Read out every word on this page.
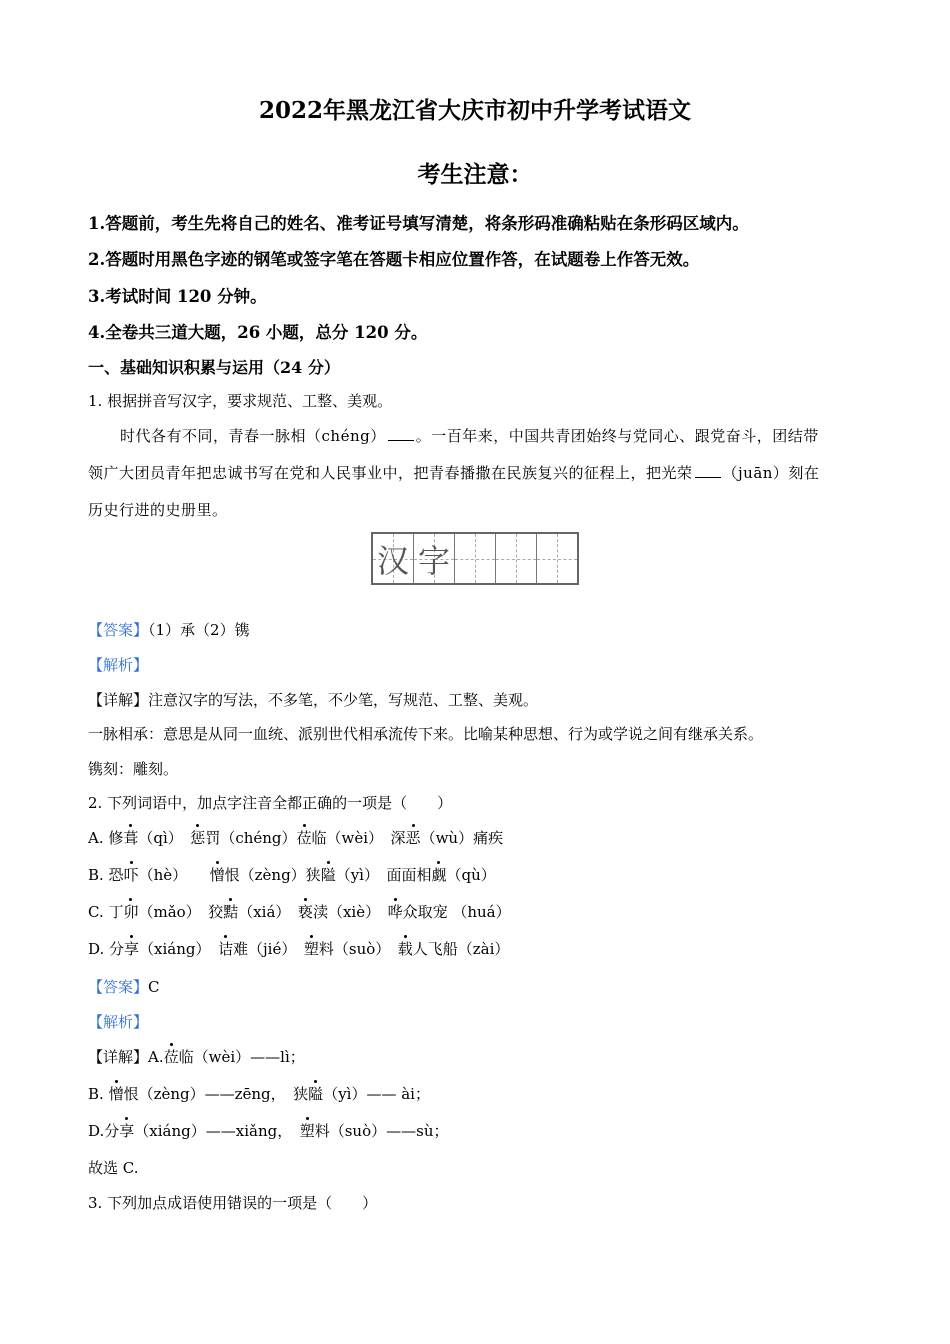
2022年黑龙江省大庆市初中升学考试语文
考生注意：
1.答题前，考生先将自己的姓名、准考证号填写清楚，将条形码准确粘贴在条形码区域内。
2.答题时用黑色字迹的钢笔或签字笔在答题卡相应位置作答，在试题卷上作答无效。
3.考试时间 120 分钟。
4.全卷共三道大题，26 小题，总分 120 分。
一、基础知识积累与运用（24 分）
1. 根据拼音写汉字，要求规范、工整、美观。
时代各有不同，青春一脉相（chéng） 。一百年来，中国共青团始终与党同心、跟党奋斗，团结带
领广大团员青年把忠诚书写在党和人民事业中，把青春播撒在民族复兴的征程上，把光荣 （juān）刻在
历史行进的史册里。
汉 字
【答案】（1）承（2）镌
【解析】
【详解】注意汉字的写法，不多笔，不少笔，写规范、工整、美观。
一脉相承：意思是从同一血统、派别世代相承流传下来。比喻某种思想、行为或学说之间有继承关系。
镌刻：雕刻。
2. 下列词语中，加点字注音全都正确的一项是（　　）
A. 修葺（qì）　惩罚（chéng）莅临（wèi）　深恶（wù）痛疾
B. 恐吓（hè）　　憎恨（zèng）狭隘（yì）　面面相觑（qù）
C. 丁卯（mǎo）　狡黠（xiá）　亵渎（xiè）　哗众取宠 （huá）
D. 分享（xiáng）　诘难（jié）　塑料（suò）　载人飞船（zài）
【答案】C
【解析】
【详解】A.莅临（wèi）——lì；
B. 憎恨（zèng）——zēng，　狭隘（yì）—— ài；
D.分享（xiáng）——xiǎng，　塑料（suò）——sù；
故选 C.
3. 下列加点成语使用错误的一项是（　　）
